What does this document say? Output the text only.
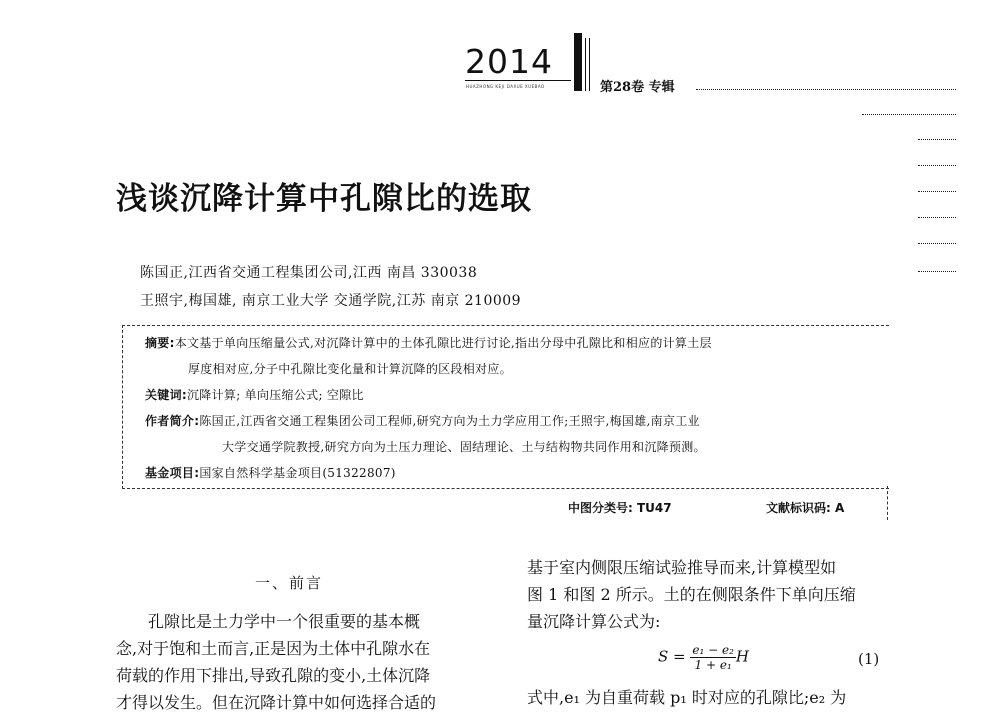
2014
HUAZHONG KEJI DAXUE XUEBAO	第28卷 专辑
浅谈沉降计算中孔隙比的选取
陈国正,江西省交通工程集团公司,江西 南昌 330038
王照宇,梅国雄, 南京工业大学 交通学院,江苏 南京 210009
摘要:本文基于单向压缩量公式,对沉降计算中的土体孔隙比进行讨论,指出分母中孔隙比和相应的计算土层
厚度相对应,分子中孔隙比变化量和计算沉降的区段相对应。
关键词:沉降计算; 单向压缩公式; 空隙比
作者简介:陈国正,江西省交通工程集团公司工程师,研究方向为土力学应用工作;王照宇,梅国雄,南京工业
大学交通学院教授,研究方向为土压力理论、固结理论、土与结构物共同作用和沉降预测。
基金项目:国家自然科学基金项目(51322807)
中图分类号: TU47	文献标识码: A
一、前言
孔隙比是土力学中一个很重要的基本概
念,对于饱和土而言,正是因为土体中孔隙水在
荷载的作用下排出,导致孔隙的变小,土体沉降
才得以发生。但在沉降计算中如何选择合适的
基于室内侧限压缩试验推导而来,计算模型如
图 1 和图 2 所示。土的在侧限条件下单向压缩
量沉降计算公式为:
$S = \frac{\text{e₁ − e₂}}{\text{1 + e₁}}$ H	(1)
式中,e₁ 为自重荷载 p₁ 时对应的孔隙比;e₂ 为
